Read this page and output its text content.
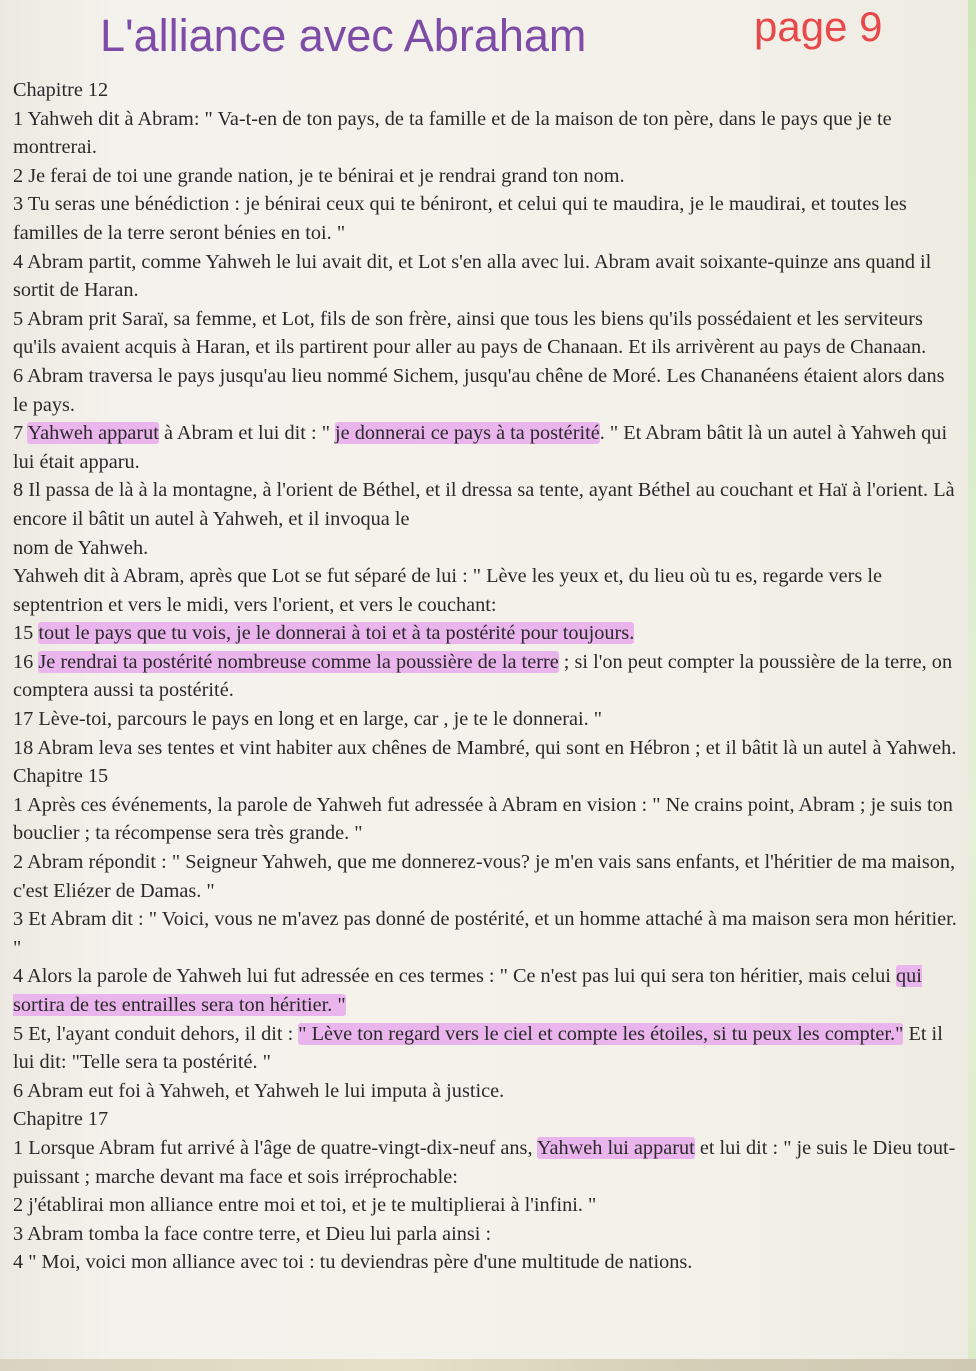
L'alliance avec Abraham	page 9

Chapitre 12

1 Yahweh dit à Abram: " Va-t-en de ton pays, de ta famille et de la maison de ton père, dans le pays que je te montrerai.

2 Je ferai de toi une grande nation, je te bénirai et je rendrai grand ton nom.

3 Tu seras une bénédiction : je bénirai ceux qui te béniront, et celui qui te maudira, je le maudirai, et toutes les familles de la terre seront bénies en toi. "

4 Abram partit, comme Yahweh le lui avait dit, et Lot s'en alla avec lui. Abram avait soixante-quinze ans quand il sortit de Haran.

5 Abram prit Saraï, sa femme, et Lot, fils de son frère, ainsi que tous les biens qu'ils possédaient et les serviteurs qu'ils avaient acquis à Haran, et ils partirent pour aller au pays de Chanaan. Et ils arrivèrent au pays de Chanaan.

6 Abram traversa le pays jusqu'au lieu nommé Sichem, jusqu'au chêne de Moré. Les Chananéens étaient alors dans le pays.

7 Yahweh apparut à Abram et lui dit : " je donnerai ce pays à ta postérité. " Et Abram bâtit là un autel à Yahweh qui lui était apparu.

8 Il passa de là à la montagne, à l'orient de Béthel, et il dressa sa tente, ayant Béthel au couchant et Haï à l'orient. Là encore il bâtit un autel à Yahweh, et il invoqua le

nom de Yahweh.

Yahweh dit à Abram, après que Lot se fut séparé de lui : " Lève les yeux et, du lieu où tu es, regarde vers le septentrion et vers le midi, vers l'orient, et vers le couchant:

15 tout le pays que tu vois, je le donnerai à toi et à ta postérité pour toujours.

16 Je rendrai ta postérité nombreuse comme la poussière de la terre ; si l'on peut compter la poussière de la terre, on comptera aussi ta postérité.

17 Lève-toi, parcours le pays en long et en large, car , je te le donnerai. "

18 Abram leva ses tentes et vint habiter aux chênes de Mambré, qui sont en Hébron ; et il bâtit là un autel à Yahweh.

Chapitre 15

1 Après ces événements, la parole de Yahweh fut adressée à Abram en vision : " Ne crains point, Abram ; je suis ton bouclier ; ta récompense sera très grande. "

2 Abram répondit : " Seigneur Yahweh, que me donnerez-vous? je m'en vais sans enfants, et l'héritier de ma maison, c'est Eliézer de Damas. "

3 Et Abram dit : " Voici, vous ne m'avez pas donné de postérité, et un homme attaché à ma maison sera mon héritier. "

4 Alors la parole de Yahweh lui fut adressée en ces termes : " Ce n'est pas lui qui sera ton héritier, mais celui qui sortira de tes entrailles sera ton héritier. "

5 Et, l'ayant conduit dehors, il dit : " Lève ton regard vers le ciel et compte les étoiles, si tu peux les compter." Et il lui dit: "Telle sera ta postérité. "

6 Abram eut foi à Yahweh, et Yahweh le lui imputa à justice.

Chapitre 17

1 Lorsque Abram fut arrivé à l'âge de quatre-vingt-dix-neuf ans, Yahweh lui apparut et lui dit : " je suis le Dieu tout-puissant ; marche devant ma face et sois irréprochable:

2 j'établirai mon alliance entre moi et toi, et je te multiplierai à l'infini. "

3 Abram tomba la face contre terre, et Dieu lui parla ainsi :

4 " Moi, voici mon alliance avec toi : tu deviendras père d'une multitude de nations.
